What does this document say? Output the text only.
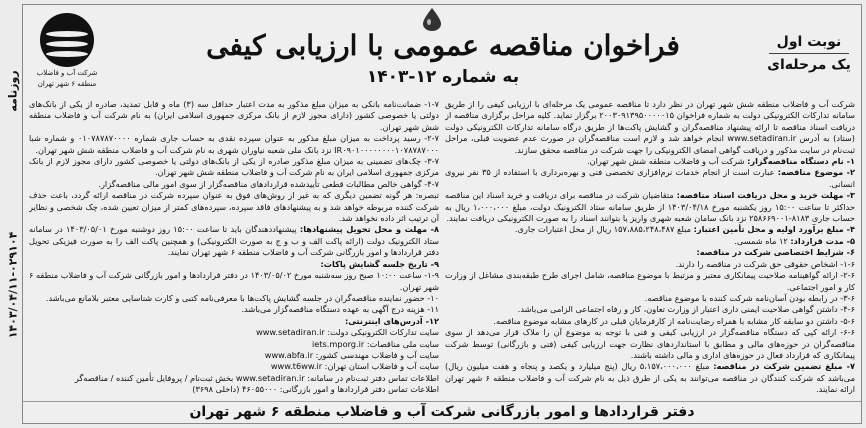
روزنامه
۱۴۰۳/۰۴/۱۱-۰۲۹۱۰۴
شرکت آب و فاضلاب
منطقه ۶ شهر تهران
فراخوان مناقصه عمومی با ارزیابی کیفی
به شماره ۱۲-۱۴۰۳
نوبت اول
یک مرحله‌ای

شرکت آب و فاضلاب منطقه شش شهر تهران در نظر دارد تا مناقصه عمومی یک مرحله‌ای با ارزیابی کیفی را از طریق سامانه تدارکات الکترونیکی دولت به شماره فراخوان ۲۰۰۳۰۹۱۳۹۵۰۰۰۰۰۱۵ برگزار نماید. کلیه مراحل برگزاری مناقصه از دریافت اسناد مناقصه تا ارائه پیشنهاد مناقصه‌گران و گشایش پاکت‌ها از طریق درگاه سامانه تدارکات الکترونیکی دولت (ستاد) به آدرس www.setadiran.ir انجام خواهد شد و لازم است مناقصه‌گران در صورت عدم عضویت قبلی، مراحل ثبت‌نام در سایت مذکور و دریافت گواهی امضای الکترونیکی را جهت شرکت در مناقصه محقق سازند.

۱- نام دستگاه مناقصه‌گزار: شرکت آب و فاضلاب منطقه شش شهر تهران.

۲- موضوع مناقصه: عبارت است از انجام خدمات نرم‌افزاری تخصصی فنی و بهره‌برداری با استفاده از ۳۵ نفر نیروی انسانی.

۳- مهلت خرید و محل دریافت اسناد مناقصه: متقاضیان شرکت در مناقصه برای دریافت و خرید اسناد این مناقصه حداکثر تا ساعت ۱۵:۰۰ روز یکشنبه مورخ ۱۴۰۳/۰۴/۱۸ از طریق سامانه ستاد الکترونیک دولت، مبلغ ۱،۰۰۰،۰۰۰ ریال به حساب جاری ۸۱۸۳-۲۵۸۶۶۹۰۰۱ نزد بانک سامان شعبه شهری واریز یا بتوانند اسناد را به صورت الکترونیکی دریافت نمایند.

۴- مبلغ برآورد اولیه و محل تأمین اعتبار: مبلغ ۱۵۷،۸۸۵،۲۴۸،۴۸۷ ریال از محل اعتبارات جاری.

۵- مدت قرارداد: ۱۲ ماه شمسی.

۶- شرایط اختصاصی شرکت در مناقصه:

۱-۶- اشخاص حقوقی حق شرکت در مناقصه را دارند.

۲-۶- ارائه گواهینامه صلاحیت پیمانکاری معتبر و مرتبط با موضوع مناقصه، شامل اجرای طرح طبقه‌بندی مشاغل از وزارت کار و امور اجتماعی.

۳-۶- در رابطه بودن آسان‌نامه شرکت کننده با موضوع مناقصه.

۴-۶- داشتن گواهی صلاحیت ایمنی داری اعتبار از وزارت تعاون، کار و رفاه اجتماعی الزامی می‌باشد.

۵-۶- داشتن دو سابقه کار مشابه با همراه رضایت‌نامه از کارفرمایان قبلی در کارهای مشابه موضوع مناقصه.

۶-۶- ارائه کپی که دستگاه مناقصه‌گزار در ارزیابی کیفی و فنی با توجه به موضوع آن را ملاک قرار می‌دهد از سوی مناقصه‌گران در حوزه‌های مالی و مطابق با استانداردهای نظارت جهت ارزیابی کیفی (فنی و بازرگانی) توسط شرکت پیمانکاری که قرارداد فعال در حوزه‌های اداری و مالی داشته باشند.

۷- مبلغ تضمین شرکت در مناقصه: مبلغ ۵،۱۵۷،۰۰۰،۰۰۰ ریال (پنج میلیارد و یکصد و پنجاه و هفت میلیون ریال) می‌باشد که شرکت کنندگان در مناقصه می‌توانند به یکی از طرق ذیل به نام شرکت آب و فاضلاب منطقه ۶ شهر تهران ارائه نمایند.

۱-۷- ضمانت‌نامه بانکی به میزان مبلغ مذکور به مدت اعتبار حداقل سه (۳) ماه و قابل تمدید، صادره از یکی از بانک‌های دولتی یا خصوصی کشور (دارای مجوز لازم از بانک مرکزی جمهوری اسلامی ایران) به نام شرکت آب و فاضلاب منطقه شش شهر تهران.

۲-۷- رسید پرداخت به میزان مبلغ مذکور به عنوان سپرده نقدی به حساب جاری شماره ۰۱۰۷۸۷۸۷۰۰۰۰ و شماره شبا IR۰۹۰۱۰۰۰۰۰۰۰۰۱۰۷۸۷۸۷۰۰۰ نزد بانک ملی شعبه نیاوران شهری به نام شرکت آب و فاضلاب منطقه شش شهر تهران.

۳-۷- چک‌های تضمینی به میزان مبلغ مذکور صادره از یکی از بانک‌های دولتی یا خصوصی کشور دارای مجوز لازم از بانک مرکزی جمهوری اسلامی ایران به نام شرکت آب و فاضلاب منطقه شش شهر تهران.

۴-۷- گواهی خالص مطالبات قطعی تأییدشده قراردادهای مناقصه‌گزار از سوی امور مالی مناقصه‌گزار.

تبصره: هر گونه تضمین دیگری که به غیر از روش‌های فوق به عنوان سپرده شرکت در مناقصه ارائه گردد، باعث حذف شرکت کننده مربوطه خواهد شد و به پیشنهادهای فاقد سپرده، سپرده‌های کمتر از میزان تعیین شده، چک شخصی و نظایر آن ترتیب اثر داده نخواهد شد.

۸- مهلت و محل تحویل پیشنهادها: پیشنهاددهندگان باید تا ساعت ۱۵:۰۰ روز دوشنبه مورخ ۱۴۰۳/۰۵/۰۱ در سامانه ستاد الکترونیک دولت (ارائه پاکت الف و ب و ج به صورت الکترونیکی) و همچنین پاکت الف را به صورت فیزیکی تحویل دفتر قراردادها و امور بازرگانی شرکت آب و فاضلاب منطقه ۶ شهر تهران نمایند.

۹- تاریخ جلسه گشایش پاکات:

۱-۹- ساعت ۱۰:۰۰ صبح روز سه‌شنبه مورخ ۱۴۰۳/۰۵/۰۲ در دفتر قراردادها و امور بازرگانی شرکت آب و فاضلاب منطقه ۶ شهر تهران.

۱۰- حضور نماینده مناقصه‌گران در جلسه گشایش پاکت‌ها با معرفی‌نامه کتبی و کارت شناسایی معتبر بلامانع می‌باشد.

۱۱- هزینه درج آگهی به عهده دستگاه مناقصه‌گزار می‌باشد.

۱۲- آدرس‌های اینترنتی:

سایت تدارکات الکترونیکی دولت: www.setadiran.ir

سایت ملی مناقصات: iets.mporg.ir

سایت آب و فاضلاب مهندسی کشور: www.abfa.ir

سایت آب و فاضلاب استان تهران: www.t6ww.ir

اطلاعات تماس دفتر ثبت‌نام در سامانه: www.setadiran.ir بخش ثبت‌نام / پروفایل تأمین کننده / مناقصه‌گر

اطلاعات تماس دفتر قراردادها و امور بازرگانی: ۴۶۰۵۵۰۰۰ (داخلی ۳۶۹۸)

دفتر قراردادها و امور بازرگانی شرکت آب و فاضلاب منطقه ۶ شهر تهران
